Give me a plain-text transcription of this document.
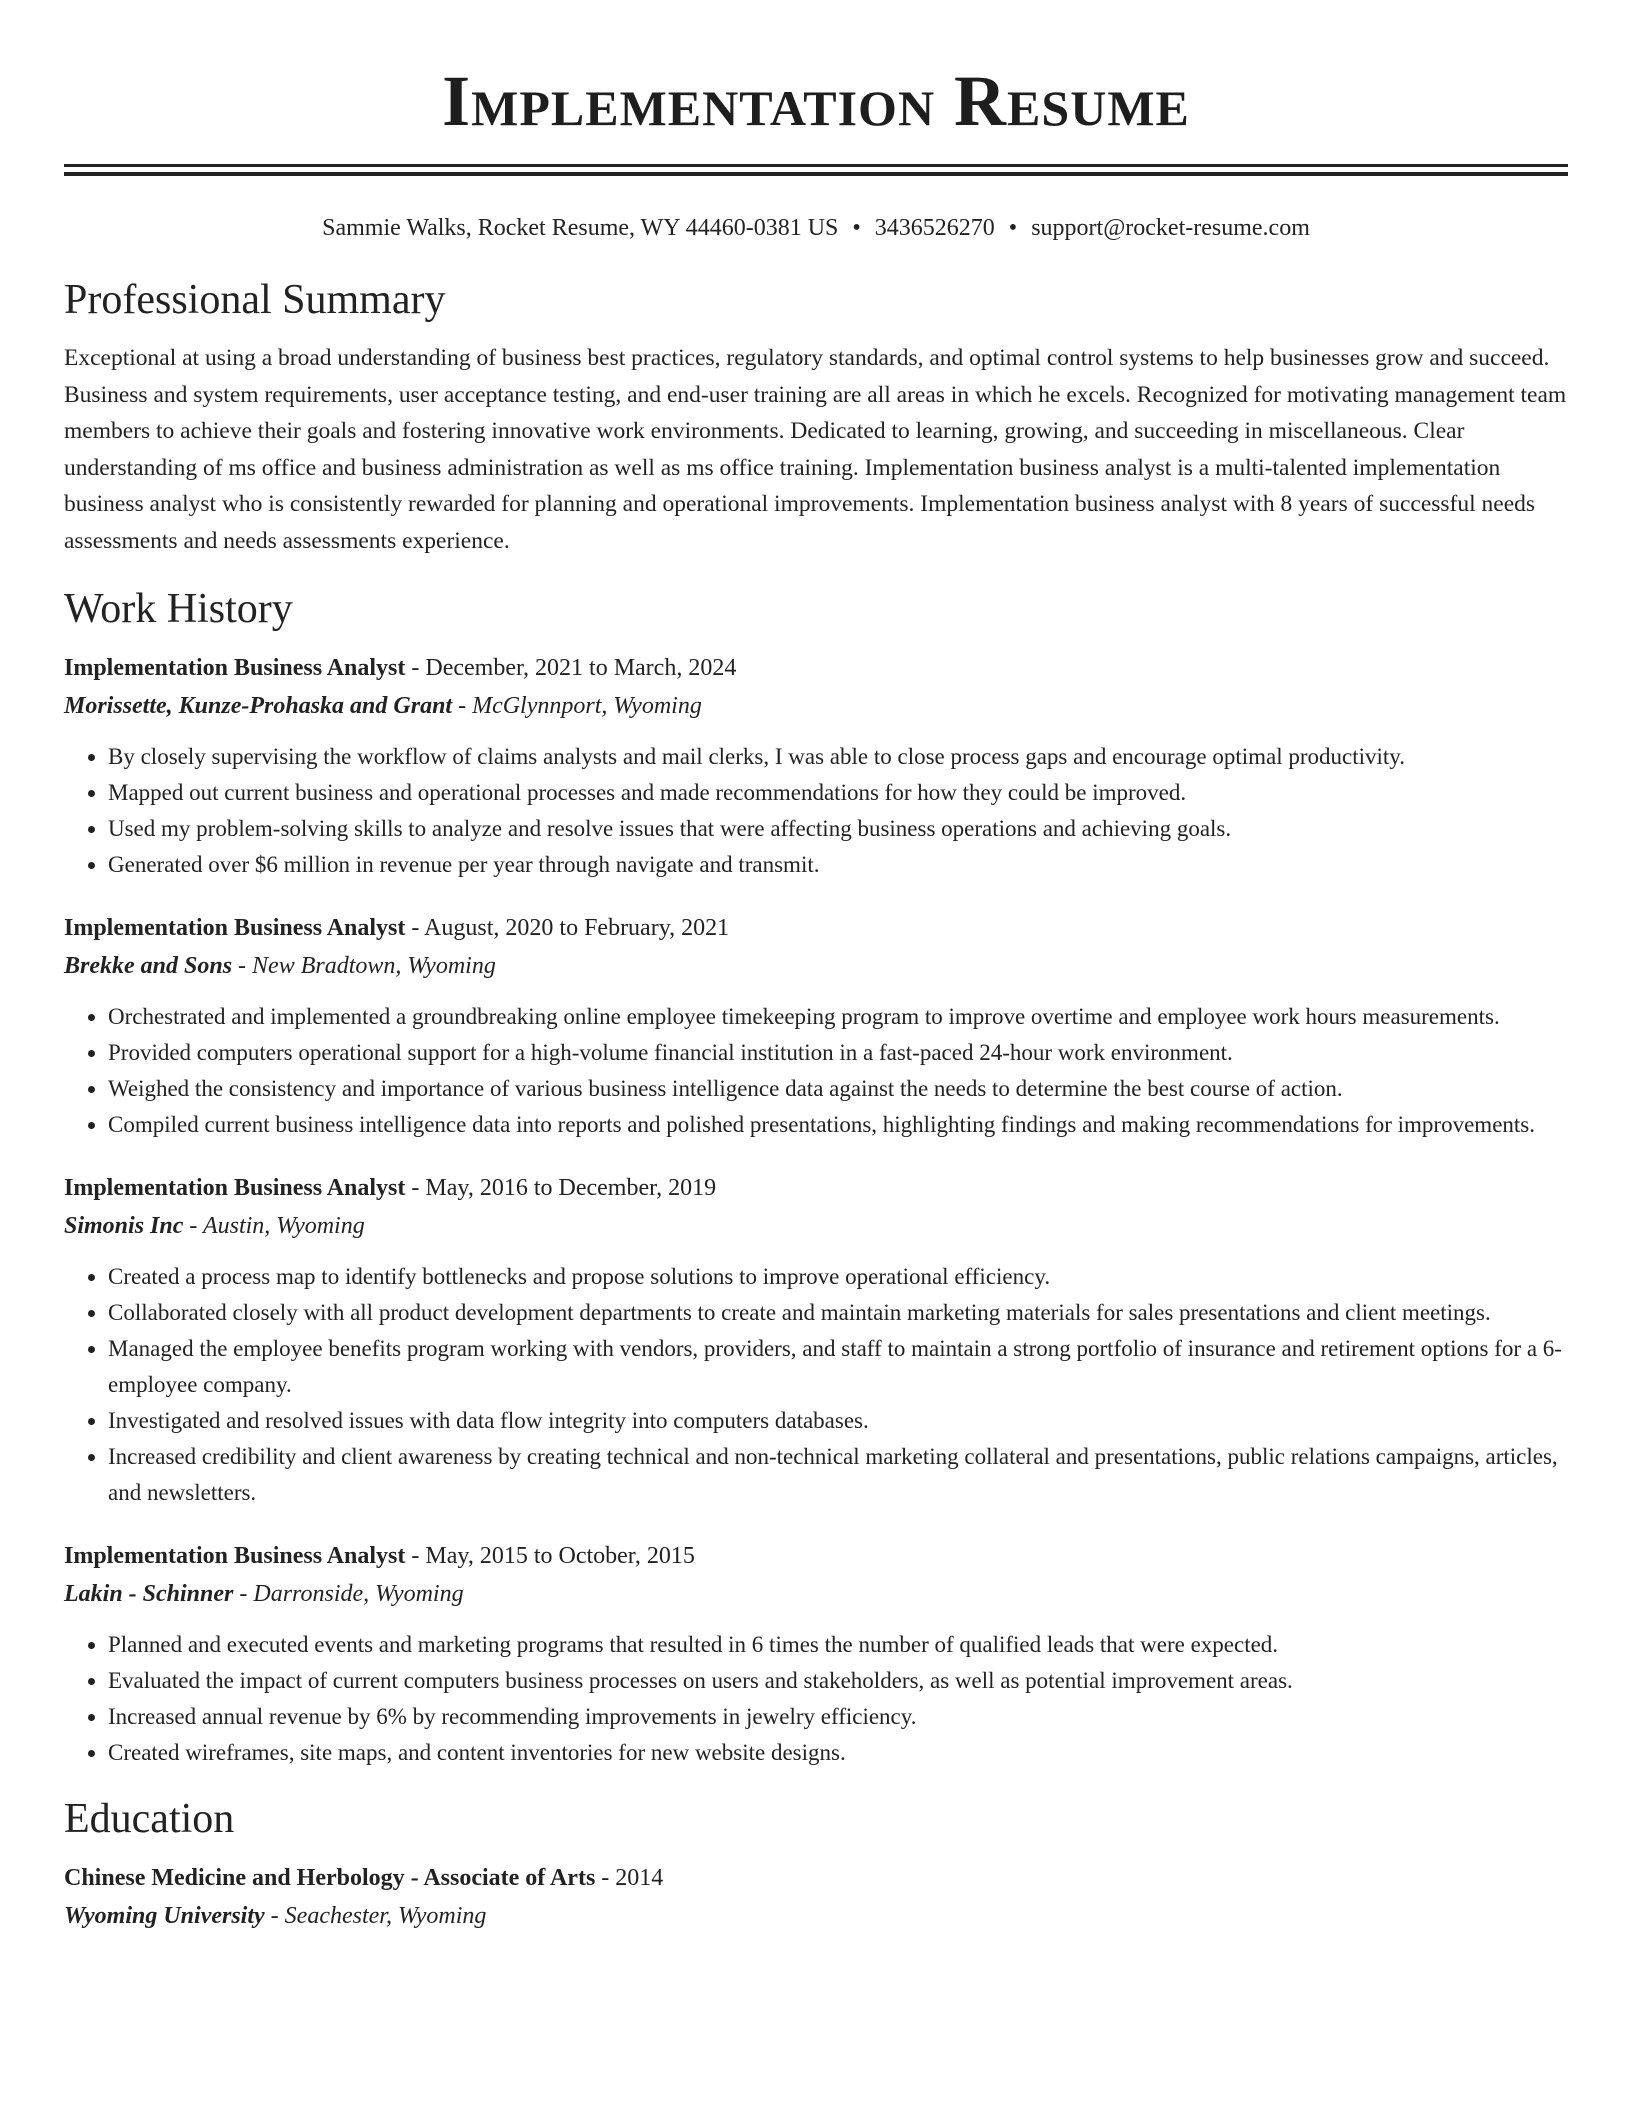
Implementation Resume
Sammie Walks, Rocket Resume, WY 44460-0381 US • 3436526270 • support@rocket-resume.com
Professional Summary
Exceptional at using a broad understanding of business best practices, regulatory standards, and optimal control systems to help businesses grow and succeed. Business and system requirements, user acceptance testing, and end-user training are all areas in which he excels. Recognized for motivating management team members to achieve their goals and fostering innovative work environments. Dedicated to learning, growing, and succeeding in miscellaneous. Clear understanding of ms office and business administration as well as ms office training. Implementation business analyst is a multi-talented implementation business analyst who is consistently rewarded for planning and operational improvements. Implementation business analyst with 8 years of successful needs assessments and needs assessments experience.
Work History
Implementation Business Analyst - December, 2021 to March, 2024
Morissette, Kunze-Prohaska and Grant - McGlynnport, Wyoming
• By closely supervising the workflow of claims analysts and mail clerks, I was able to close process gaps and encourage optimal productivity.
• Mapped out current business and operational processes and made recommendations for how they could be improved.
• Used my problem-solving skills to analyze and resolve issues that were affecting business operations and achieving goals.
• Generated over $6 million in revenue per year through navigate and transmit.
Implementation Business Analyst - August, 2020 to February, 2021
Brekke and Sons - New Bradtown, Wyoming
• Orchestrated and implemented a groundbreaking online employee timekeeping program to improve overtime and employee work hours measurements.
• Provided computers operational support for a high-volume financial institution in a fast-paced 24-hour work environment.
• Weighed the consistency and importance of various business intelligence data against the needs to determine the best course of action.
• Compiled current business intelligence data into reports and polished presentations, highlighting findings and making recommendations for improvements.
Implementation Business Analyst - May, 2016 to December, 2019
Simonis Inc - Austin, Wyoming
• Created a process map to identify bottlenecks and propose solutions to improve operational efficiency.
• Collaborated closely with all product development departments to create and maintain marketing materials for sales presentations and client meetings.
• Managed the employee benefits program working with vendors, providers, and staff to maintain a strong portfolio of insurance and retirement options for a 6-employee company.
• Investigated and resolved issues with data flow integrity into computers databases.
• Increased credibility and client awareness by creating technical and non-technical marketing collateral and presentations, public relations campaigns, articles, and newsletters.
Implementation Business Analyst - May, 2015 to October, 2015
Lakin - Schinner - Darronside, Wyoming
• Planned and executed events and marketing programs that resulted in 6 times the number of qualified leads that were expected.
• Evaluated the impact of current computers business processes on users and stakeholders, as well as potential improvement areas.
• Increased annual revenue by 6% by recommending improvements in jewelry efficiency.
• Created wireframes, site maps, and content inventories for new website designs.
Education
Chinese Medicine and Herbology - Associate of Arts - 2014
Wyoming University - Seachester, Wyoming
